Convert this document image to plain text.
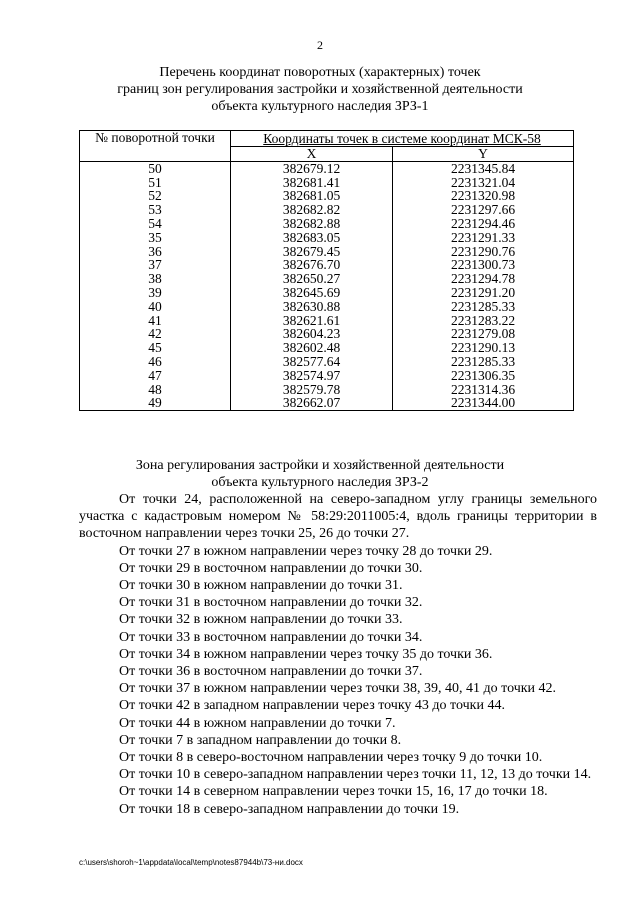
2
Перечень координат поворотных (характерных) точек
границ зон регулирования застройки и хозяйственной деятельности
объекта культурного наследия ЗРЗ-1
№ поворотной точки	Координаты точек в системе координат МСК-58	
	X	Y
50	382679.12	2231345.84
51	382681.41	2231321.04
52	382681.05	2231320.98
53	382682.82	2231297.66
54	382682.88	2231294.46
35	382683.05	2231291.33
36	382679.45	2231290.76
37	382676.70	2231300.73
38	382650.27	2231294.78
39	382645.69	2231291.20
40	382630.88	2231285.33
41	382621.61	2231283.22
42	382604.23	2231279.08
45	382602.48	2231290.13
46	382577.64	2231285.33
47	382574.97	2231306.35
48	382579.78	2231314.36
49	382662.07	2231344.00
Зона регулирования застройки и хозяйственной деятельности
объекта культурного наследия ЗРЗ-2

От точки 24, расположенной на северо-западном углу границы земельного участка с кадастровым номером № 58:29:2011005:4, вдоль границы территории в восточном направлении через точки 25, 26 до точки 27.

От точки 27 в южном направлении через точку 28 до точки 29.

От точки 29 в восточном направлении до точки 30.

От точки 30 в южном направлении до точки 31.

От точки 31 в восточном направлении до точки 32.

От точки 32 в южном направлении до точки 33.

От точки 33 в восточном направлении до точки 34.

От точки 34 в южном направлении через точку 35 до точки 36.

От точки 36 в восточном направлении до точки 37.

От точки 37 в южном направлении через точки 38, 39, 40, 41 до точки 42.

От точки 42 в западном направлении через точку 43 до точки 44.

От точки 44 в южном направлении до точки 7.

От точки 7 в западном направлении до точки 8.

От точки 8 в северо-восточном направлении через точку 9 до точки 10.

От точки 10 в северо-западном направлении через точки 11, 12, 13 до точки 14.

От точки 14 в северном направлении через точки 15, 16, 17 до точки 18.

От точки 18 в северо-западном направлении до точки 19.

c:\users\shoroh~1\appdata\local\temp\notes87944b\73-ни.docx
